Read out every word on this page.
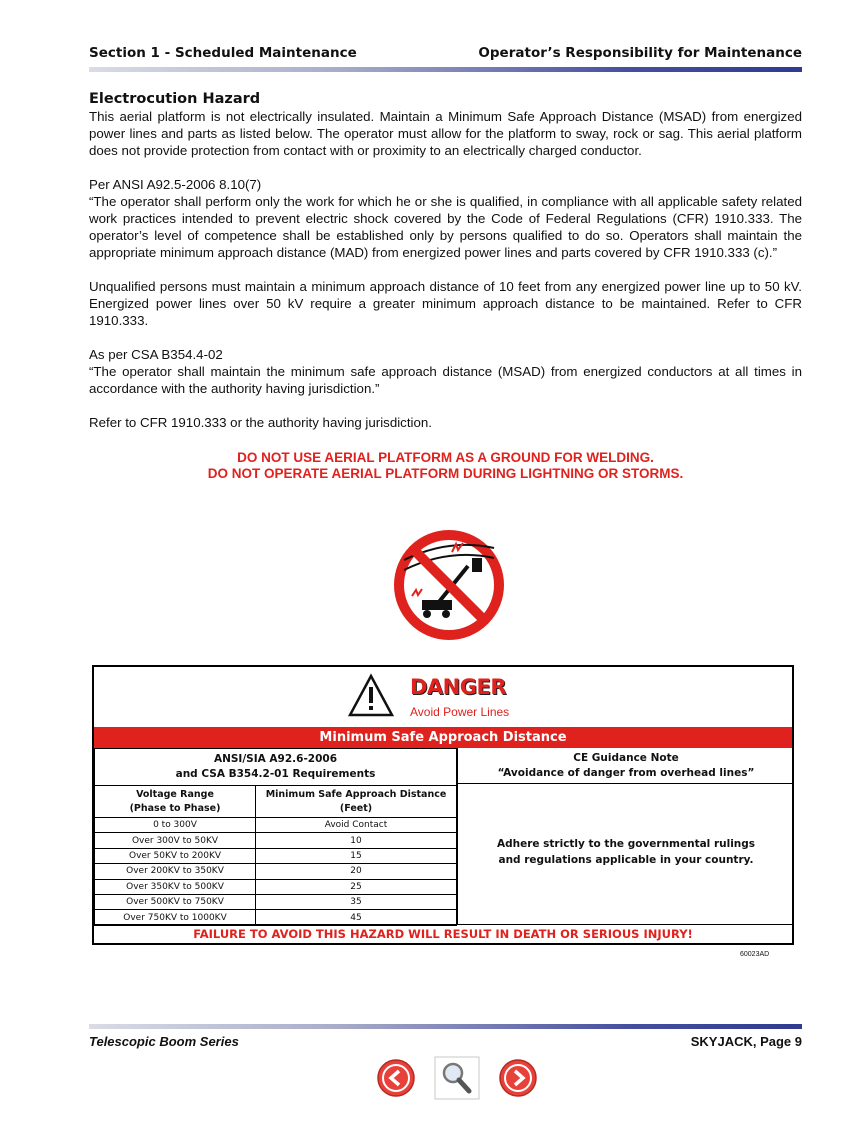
Section 1 - Scheduled Maintenance	Operator’s Responsibility for Maintenance
Electrocution Hazard

This aerial platform is not electrically insulated. Maintain a Minimum Safe Approach Distance (MSAD) from energized power lines and parts as listed below. The operator must allow for the platform to sway, rock or sag. This aerial platform does not provide protection from contact with or proximity to an electrically charged conductor.

Per ANSI A92.5-2006 8.10(7)
“The operator shall perform only the work for which he or she is qualified, in compliance with all applicable safety related work practices intended to prevent electric shock covered by the Code of Federal Regulations (CFR) 1910.333. The operator’s level of competence shall be established only by persons qualified to do so. Operators shall maintain the appropriate minimum approach distance (MAD) from energized power lines and parts covered by CFR 1910.333 (c).”

Unqualified persons must maintain a minimum approach distance of 10 feet from any energized power line up to 50 kV. Energized power lines over 50 kV require a greater minimum approach distance to be maintained. Refer to CFR 1910.333.

As per CSA B354.4-02
“The operator shall maintain the minimum safe approach distance (MSAD) from energized conductors at all times in accordance with the authority having jurisdiction.”

Refer to CFR 1910.333 or the authority having jurisdiction.

DO NOT USE AERIAL PLATFORM AS A GROUND FOR WELDING.
DO NOT OPERATE AERIAL PLATFORM DURING LIGHTNING OR STORMS.
DANGER
Avoid Power Lines
Minimum Safe Approach Distance
ANSI/SIA A92.6-2006
and CSA B354.2-01 Requirements	
Voltage Range
(Phase to Phase)	Minimum Safe Approach Distance
(Feet)
0 to 300V	Avoid Contact
Over 300V to 50KV	10
Over 50KV to 200KV	15
Over 200KV to 350KV	20
Over 350KV to 500KV	25
Over 500KV to 750KV	35
Over 750KV to 1000KV	45
CE Guidance Note
“Avoidance of danger from overhead lines”
Adhere strictly to the governmental rulings
and regulations applicable in your country.
FAILURE TO AVOID THIS HAZARD WILL RESULT IN DEATH OR SERIOUS INJURY!
60023AD
Telescopic Boom Series	SKYJACK, Page 9
